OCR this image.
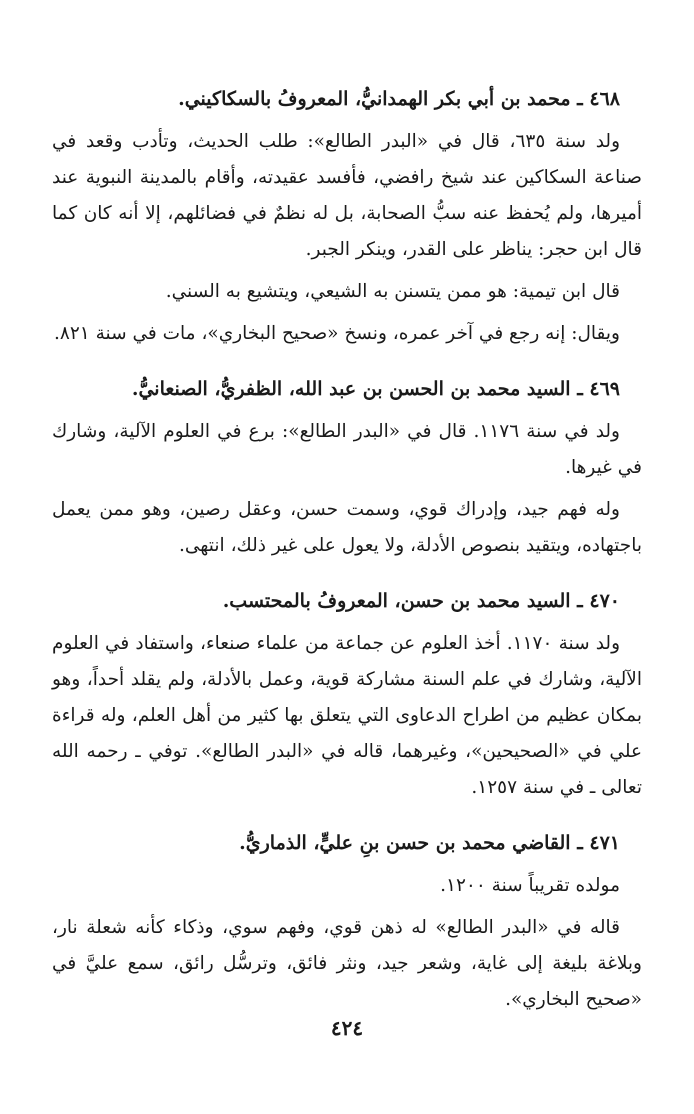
٤٦٨ ـ محمد بن أبي بكر الهمدانيُّ، المعروفُ بالسكاكيني.

ولد سنة ٦٣٥، قال في «البدر الطالع»: طلب الحديث، وتأدب وقعد في صناعة السكاكين عند شيخ رافضي، فأفسد عقيدته، وأقام بالمدينة النبوية عند أميرها، ولم يُحفظ عنه سبُّ الصحابة، بل له نظمٌ في فضائلهم، إلا أنه كان كما قال ابن حجر: يناظر على القدر، وينكر الجبر.

قال ابن تيمية: هو ممن يتسنن به الشيعي، ويتشيع به السني.

ويقال: إنه رجع في آخر عمره، ونسخ «صحيح البخاري»، مات في سنة ٨٢١.

٤٦٩ ـ السيد محمد بن الحسن بن عبد الله، الظفريُّ، الصنعانيُّ.

ولد في سنة ١١٧٦. قال في «البدر الطالع»: برع في العلوم الآلية، وشارك في غيرها.

وله فهم جيد، وإدراك قوي، وسمت حسن، وعقل رصين، وهو ممن يعمل باجتهاده، ويتقيد بنصوص الأدلة، ولا يعول على غير ذلك، انتهى.

٤٧٠ ـ السيد محمد بن حسن، المعروفُ بالمحتسب.

ولد سنة ١١٧٠. أخذ العلوم عن جماعة من علماء صنعاء، واستفاد في العلوم الآلية، وشارك في علم السنة مشاركة قوية، وعمل بالأدلة، ولم يقلد أحداً، وهو بمكان عظيم من اطراح الدعاوى التي يتعلق بها كثير من أهل العلم، وله قراءة علي في «الصحيحين»، وغيرهما، قاله في «البدر الطالع». توفي ـ رحمه الله تعالى ـ في سنة ١٢٥٧.

٤٧١ ـ القاضي محمد بن حسن بنِ عليٍّ، الذماريُّ.

مولده تقريباً سنة ١٢٠٠.

قاله في «البدر الطالع» له ذهن قوي، وفهم سوي، وذكاء كأنه شعلة نار، وبلاغة بليغة إلى غاية، وشعر جيد، ونثر فائق، وترسُّل رائق، سمع عليَّ في «صحيح البخاري».

٤٢٤
